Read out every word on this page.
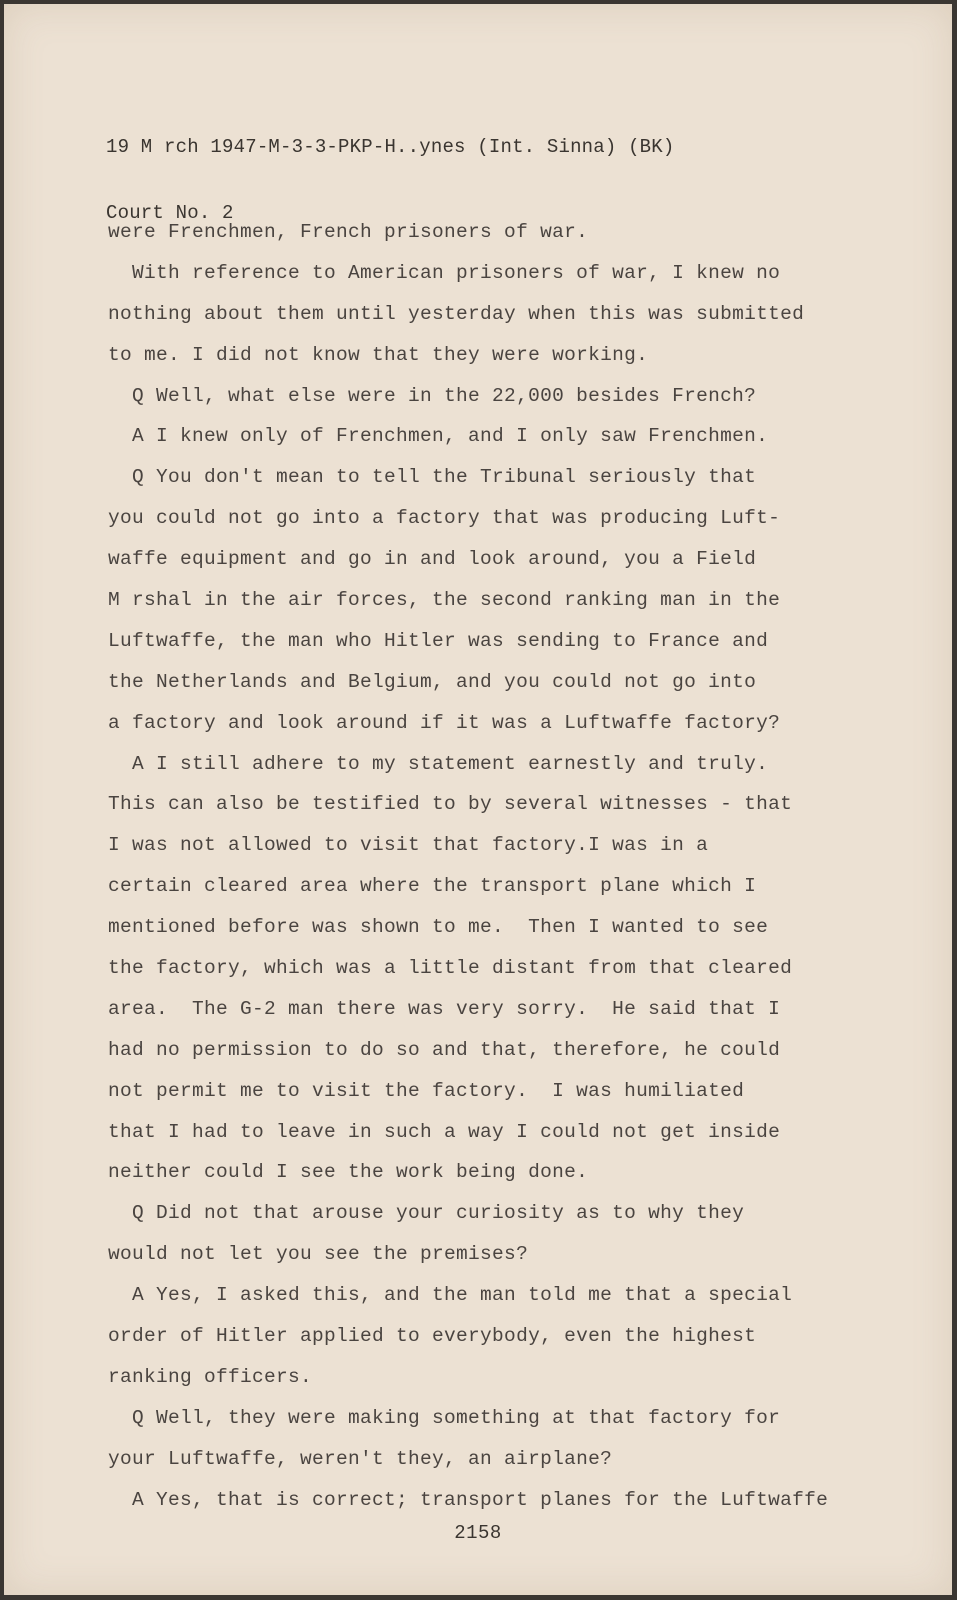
19 M rch 1947-M-3-3-PKP-H..ynes (Int. Sinna) (BK)

Court No. 2

were Frenchmen, French prisoners of war.
With reference to American prisoners of war, I knew no
nothing about them until yesterday when this was submitted
to me. I did not know that they were working.
Q Well, what else were in the 22,000 besides French?
A I knew only of Frenchmen, and I only saw Frenchmen.
Q You don't mean to tell the Tribunal seriously that
you could not go into a factory that was producing Luft-
waffe equipment and go in and look around, you a Field
M rshal in the air forces, the second ranking man in the
Luftwaffe, the man who Hitler was sending to France and
the Netherlands and Belgium, and you could not go into
a factory and look around if it was a Luftwaffe factory?
A I still adhere to my statement earnestly and truly.
This can also be testified to by several witnesses - that
I was not allowed to visit that factory.I was in a
certain cleared area where the transport plane which I
mentioned before was shown to me.  Then I wanted to see
the factory, which was a little distant from that cleared
area.  The G-2 man there was very sorry.  He said that I
had no permission to do so and that, therefore, he could
not permit me to visit the factory.  I was humiliated
that I had to leave in such a way I could not get inside
neither could I see the work being done.
Q Did not that arouse your curiosity as to why they
would not let you see the premises?
A Yes, I asked this, and the man told me that a special
order of Hitler applied to everybody, even the highest
ranking officers.
Q Well, they were making something at that factory for
your Luftwaffe, weren't they, an airplane?
A Yes, that is correct; transport planes for the Luftwaffe
2158
